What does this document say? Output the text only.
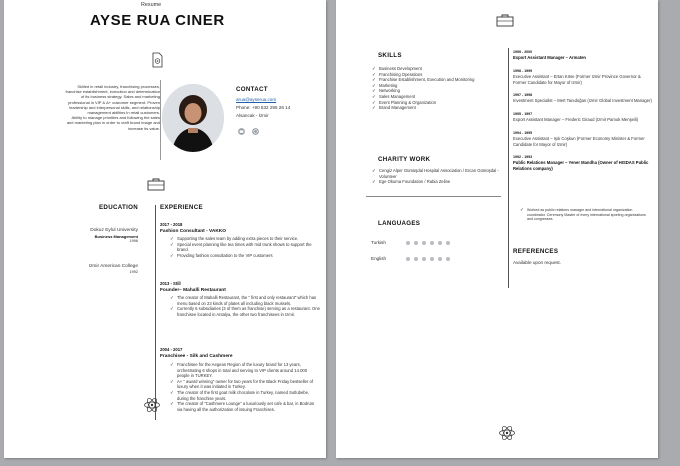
Resume
AYSE RUA CINER
Skilled in retail industry, franchising processes,
franchise establishment, execution and determination
of its business strategy. Sales and marketing
professional in VIP & A+ customer segment. Proven
leadership and interpersonal skills, and relationship
management abilities in retail customers.
Ability to manage priorities and following the sales
and marketing plan in order to craft brand image and
increase its value.
CONTACT
arua@ayserua.com
Phone: +90 532 295 26 14
Alsancak - İzmir
EDUCATION
Dokuz Eylul University
Business Management
1996
Izmir American College
1992
EXPERIENCE
2017 - 2018
Fashion Consultant - VAKKO
✓ Supporting the sales team by adding extra pieces to their service.
✓ Special event planning like tea times with mid trunk shows to support the brand.
✓ Providing fashion consultation to the VIP customers
2013 - Still
Founder– Mahalli Restaurant
✓ The creator of Mahalli Restaurant, the " first and only restaurant" which has menu based on 23 kinds of plates all including black mussels.
✓ Currently 6 subsidiaries (3 of them as franchise) serving as a restaurant. One franchisee located in Antalya, the other two franchisees in Izmir.
2004 - 2017
Franchisee - Silk and Cashmere
✓ Franchisee for the Aegean Region of the luxury brand for 13 years, orchestrating 6 shops in total and serving to VIP clients around 14.000 people in TURKEY.
✓ A+ " award winning" owner for two years for the Black Friday bestseller of luxury when it was initiated in Turkey.
✓ The creator of the first goat milk chocolate in Turkey, named Sutlubebe, during the franchise years.
✓ The creator of "Cashmere Lounge" a luxuriously set cafe & bar, in Bodrum via having all the authorization of issuing Franchises.
SKILLS
✓ Business Development
✓ Franchising Operations
✓ Franchise Establishment, Execution and Monitoring
✓ Marketing
✓ Networking
✓ Sales Management
✓ Event Planning & Organization
✓ Brand Management
CHARITY WORK
✓ Cengiz Alper Gümüşdal Hospital Association / Ercan Gümüşdal - Volunteer
✓ Ege Okuma Foundation / Rabia Zeline
LANGUAGES
Turkish
English
1999 - 2000
Export Assistant Manager – Armaten
1998 - 1999
Executive Assistant – Ertan Köse (Former Izmir Province Governor & Former Candidate for Mayor of Izmir)
1997 - 1998
Investment Specialist – Mert Tanıdoğan (Izmir Global Investment Manager)
1995 - 1997
Export Assistant Manager – Frederic Giraud (Izmir Pamuk Menşeili)
1994 - 1995
Executive Assistant – Işık Coşkun (Former Economy Minister & Former Candidate for Mayor of Izmir)
1992 - 1993
Public Relations Manager – Yener Mandha (Owner of HISDAS Public Relations company)
✓ Worked as public relations manager and international organization coordinator. Ceremony Master of every international sporting organizations and congresses.
REFERENCES
Available upon request.
